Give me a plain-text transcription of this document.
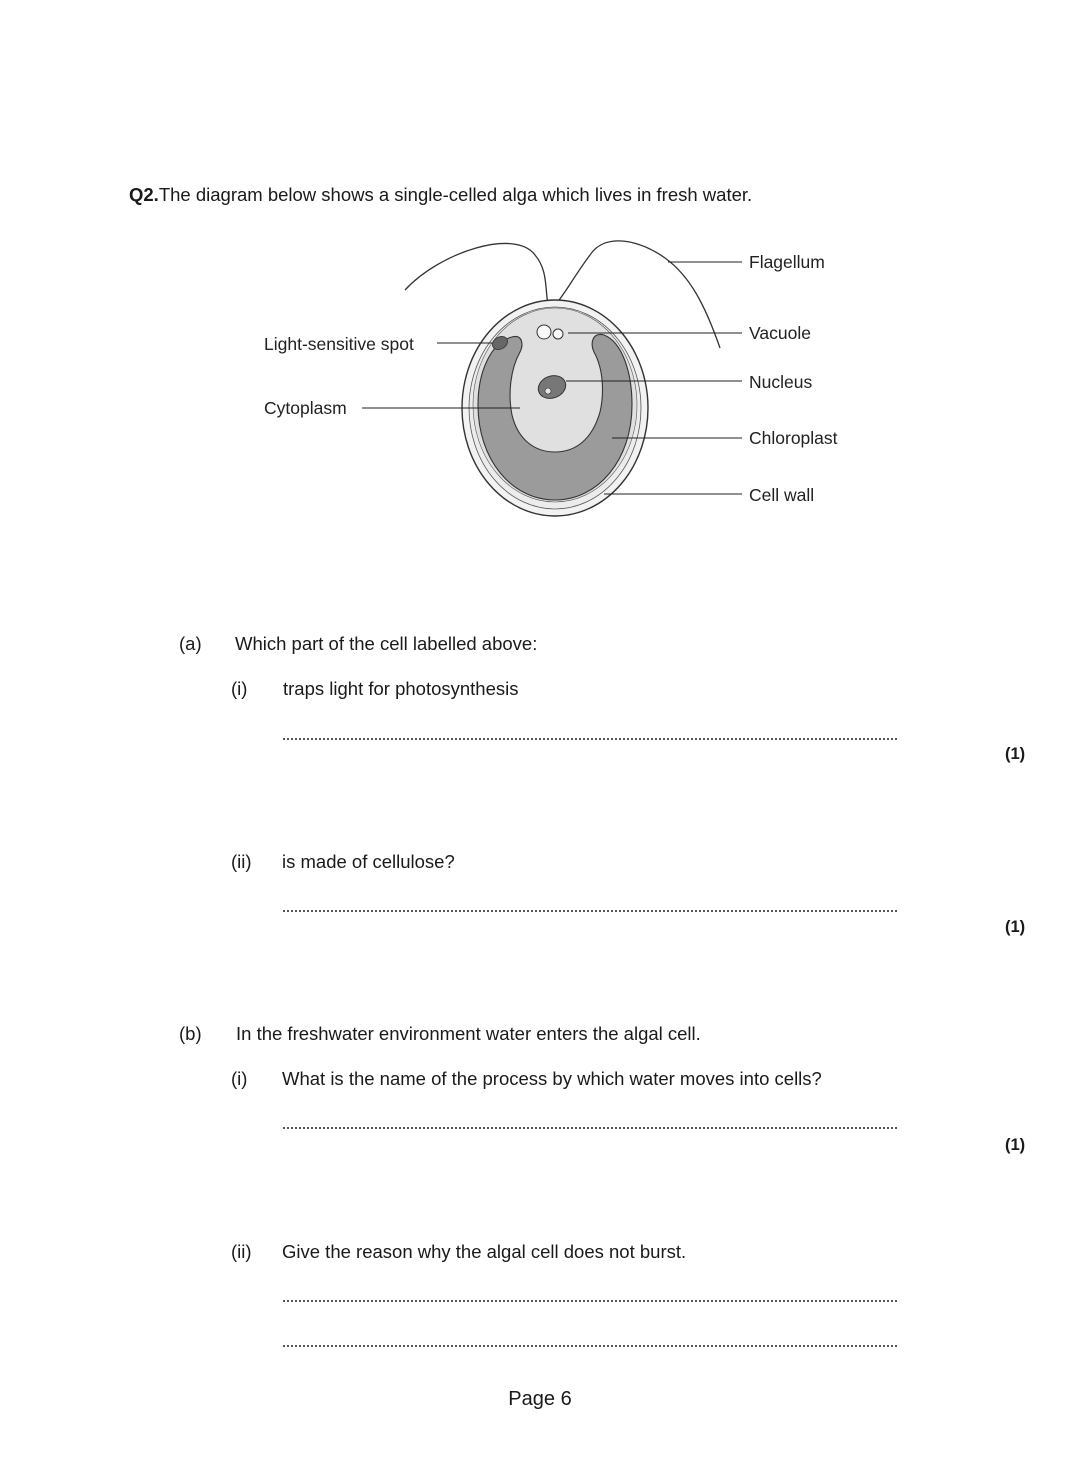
Q2.The diagram below shows a single-celled alga which lives in fresh water.
Flagellum
Vacuole
Nucleus
Chloroplast
Cell wall
Light-sensitive spot
Cytoplasm
(a) Which part of the cell labelled above:
(i) traps light for photosynthesis
(1)
(ii) is made of cellulose?
(1)
(b) In the freshwater environment water enters the algal cell.
(i) What is the name of the process by which water moves into cells?
(1)
(ii) Give the reason why the algal cell does not burst.
Page 6
